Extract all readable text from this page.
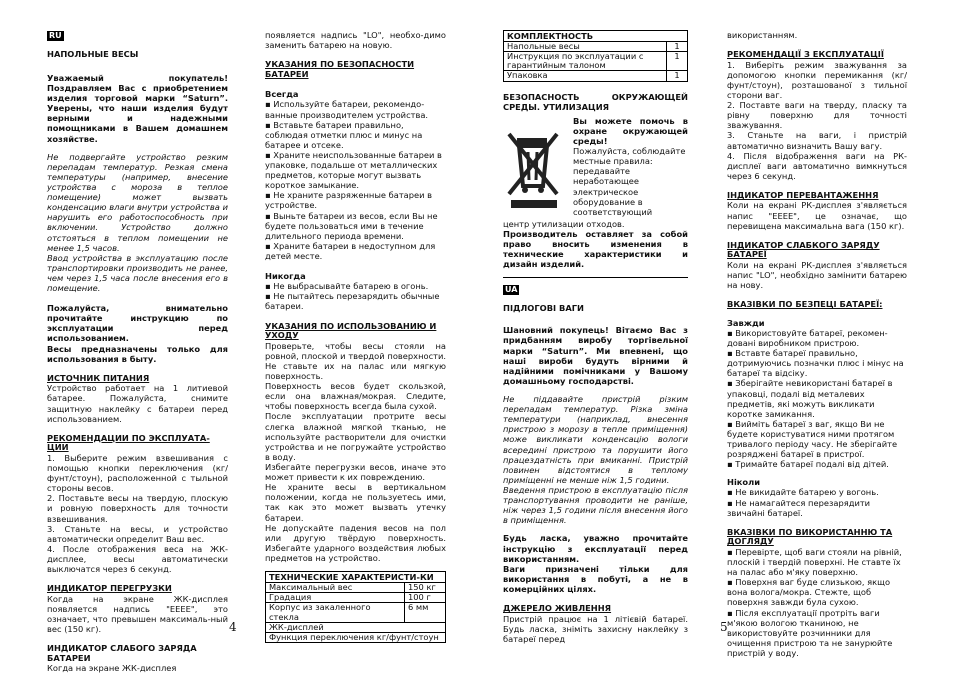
RU

НАПОЛЬНЫЕ ВЕСЫ

Уважаемый покупатель! Поздравляем Вас с приобретением изделия торговой марки “Saturn”. Уверены, что наши изделия будут верными и надежными помощниками в Вашем домашнем хозяйстве.

Не подвергайте устройство резким перепадам температур. Резкая смена температуры (например, внесение устройства с мороза в теплое помещение) может вызвать конденсацию влаги внутри устройства и нарушить его работоспособность при включении. Устройство должно отстояться в теплом помещении не менее 1,5 часов.

Ввод устройства в эксплуатацию после транспортировки производить не ранее, чем через 1,5 часа после внесения его в помещение.

Пожалуйста, внимательно прочитайте инструкцию по эксплуатации перед использованием.

Весы предназначены только для использования в быту.

ИСТОЧНИК ПИТАНИЯ

Устройство работает на 1 литиевой батарее. Пожалуйста, снимите защитную наклейку с батареи перед использованием.

РЕКОМЕНДАЦИИ ПО ЭКСПЛУАТА-ЦИИ

1. Выберите режим взвешивания с помощью кнопки переключения (кг/фунт/стоун), расположенной с тыльной стороны весов.

2. Поставьте весы на твердую, плоскую и ровную поверхность для точности взвешивания.

3. Станьте на весы, и устройство автоматически определит Ваш вес.

4. После отображения веса на ЖК-дисплее, весы автоматически выключатся через 6 секунд.

ИНДИКАТОР ПЕРЕГРУЗКИ

Когда на экране ЖК-дисплея появляется надпись "EEEE", это означает, что превышен максималь-ный вес (150 кг).

ИНДИКАТОР СЛАБОГО ЗАРЯДА БАТАРЕИ

Когда на экране ЖК-дисплея

появляется надпись "LO", необхо-димо заменить батарею на новую.

УКАЗАНИЯ ПО БЕЗОПАСНОСТИ БАТАРЕИ

Всегда

▪ Используйте батареи, рекомендо-ванные производителем устройства.
▪ Вставьте батареи правильно, соблюдая отметки плюс и минус на батарее и отсеке.
▪ Храните неиспользованные батареи в упаковке, подальше от металлических предметов, которые могут вызвать короткое замыкание.
▪ Не храните разряженные батареи в устройстве.
▪ Выньте батареи из весов, если Вы не будете пользоваться ими в течение длительного периода времени.
▪ Храните батареи в недоступном для детей месте.

Никогда

▪ Не выбрасывайте батарею в огонь.
▪ Не пытайтесь перезарядить обычные батареи.
УКАЗАНИЯ ПО ИСПОЛЬЗОВАНИЮ И УХОДУ

Проверьте, чтобы весы стояли на ровной, плоской и твердой поверхности. Не ставьте их на палас или мягкую поверхность.

Поверхность весов будет скользкой, если она влажная/мокрая. Следите, чтобы поверхность всегда была сухой.

После эксплуатации протрите весы слегка влажной мягкой тканью, не используйте растворители для очистки устройства и не погружайте устройство в воду.

Избегайте перегрузки весов, иначе это может привести к их повреждению.

Не храните весы в вертикальном положении, когда не пользуетесь ими, так как это может вызвать утечку батареи.

Не допускайте падения весов на пол или другую твёрдую поверхность. Избегайте ударного воздействия любых предметов на устройство.

ТЕХНИЧЕСКИЕ ХАРАКТЕРИСТИ-КИ
Максимальный вес	150 кг
Градация	100 г
Корпус из закаленного стекла	6 мм
ЖК-дисплей	
Функция переключения кг/фунт/стоун	
КОМПЛЕКТНОСТЬ
Напольные весы	1
Инструкция по эксплуатации с гарантийным талоном	1
Упаковка	1

БЕЗОПАСНОСТЬ ОКРУЖАЮЩЕЙ СРЕДЫ. УТИЛИЗАЦИЯ

Вы можете помочь в охране окружающей среды!

Пожалуйста, соблюдайте местные правила: передавайте неработающее электрическое оборудование в соответствующий

центр утилизации отходов.

Производитель оставляет за собой право вносить изменения в технические характеристики и дизайн изделий.

UA

ПІДЛОГОВІ ВАГИ

Шановний покупець! Вітаємо Вас з придбанням виробу торгівельної марки “Saturn”. Ми впевнені, що наші вироби будуть вірними й надійними помічниками у Вашому домашньому господарстві.

Не піддавайте пристрій різким перепадам температур. Різка зміна температури (наприклад, внесення пристрою з морозу в тепле приміщення) може викликати конденсацію вологи всередині пристрою та порушити його працездатність при вмиканні. Пристрій повинен відстоятися в теплому приміщенні не менше ніж 1,5 години.

Введення пристрою в експлуатацію після транспортування проводити не раніше, ніж через 1,5 години після внесення його в приміщення.

Будь ласка, уважно прочитайте інструкцію з експлуатації перед використанням.

Ваги призначені тільки для використання в побуті, а не в комерційних цілях.

ДЖЕРЕЛО ЖИВЛЕННЯ

Пристрій працює на 1 літієвій батареї. Будь ласка, зніміть захисну наклейку з батареї перед

використанням.

РЕКОМЕНДАЦІЇ З ЕКСПЛУАТАЦІЇ

1. Виберіть режим зважування за допомогою кнопки перемикання (кг/фунт/стоун), розташованої з тильної сторони ваг.

2. Поставте ваги на тверду, пласку та рівну поверхню для точності зважування.

3. Станьте на ваги, і пристрій автоматично визначить Вашу вагу.

4. Після відображення ваги на РК-дисплеї ваги автоматично вимкнуться через 6 секунд.

ІНДИКАТОР ПЕРЕВАНТАЖЕННЯ

Коли на екрані РК-дисплея з'являється напис "EEEE", це означає, що перевищена максимальна вага (150 кг).

ІНДИКАТОР СЛАБКОГО ЗАРЯДУ БАТАРЕЇ

Коли на екрані РК-дисплея з'являється напис "LO", необхідно замінити батарею на нову.

ВКАЗІВКИ ПО БЕЗПЕЦІ БАТАРЕЇ:

Завжди

▪ Використовуйте батареї, рекомен-довані виробником пристрою.
▪ Вставте батареї правильно, дотримуючись позначки плюс і мінус на батареї та відсіку.
▪ Зберігайте невикористані батареї в упаковці, подалі від металевих предметів, які можуть викликати коротке замикання.
▪ Вийміть батареї з ваг, якщо Ви не будете користуватися ними протягом тривалого періоду часу. Не зберігайте розряджені батареї в пристрої.
▪ Тримайте батареї подалі від дітей.

Ніколи

▪ Не викидайте батарею у вогонь.
▪ Не намагайтеся перезарядити звичайні батареї.
ВКАЗІВКИ ПО ВИКОРИСТАННЮ ТА ДОГЛЯДУ
▪ Перевірте, щоб ваги стояли на рівній, плоскій і твердій поверхні. Не ставте їх на палас або м'яку поверхню.
▪ Поверхня ваг буде слизькою, якщо вона волога/мокра. Стежте, щоб поверхня завжди була сухою.
▪ Після експлуатації протріть ваги м'якою вологою тканиною, не використовуйте розчинники для очищення пристрою та не занурюйте пристрій у воду.
4	5
